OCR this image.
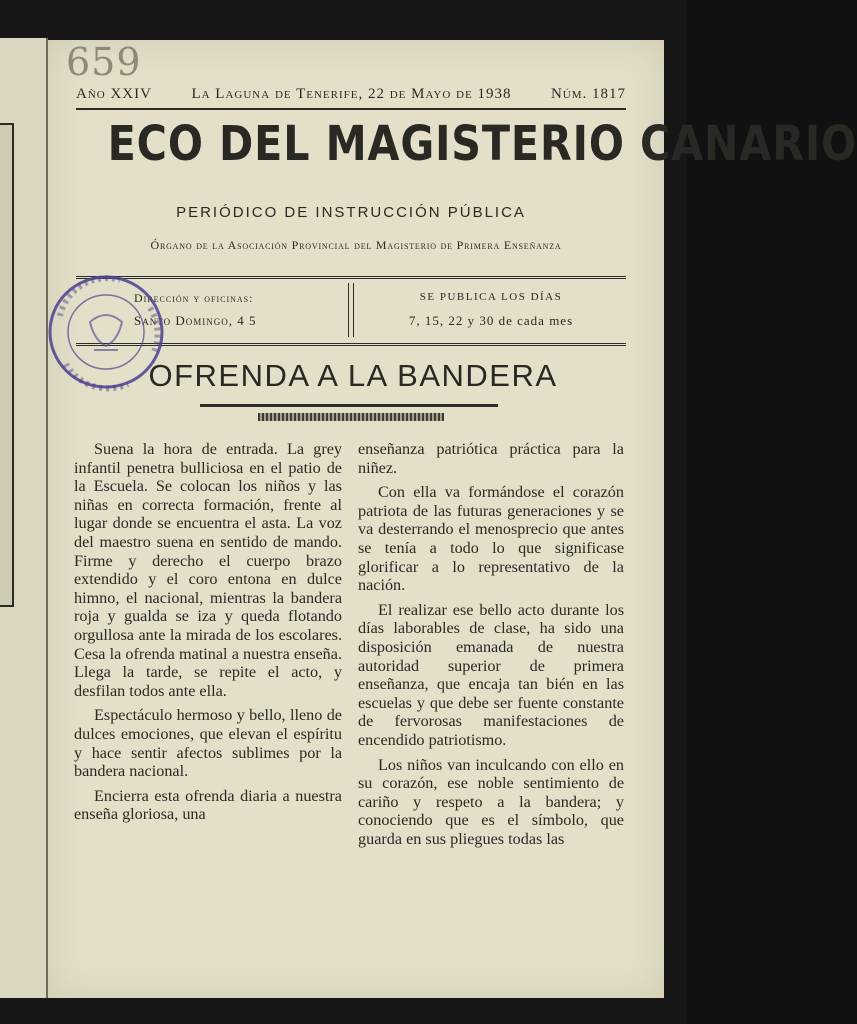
659
Año XXIV	La Laguna de Tenerife, 22 de Mayo de 1938	Núm. 1817
ECO DEL MAGISTERIO CANARIO
PERIÓDICO DE INSTRUCCIÓN PÚBLICA
Órgano de la Asociación Provincial del Magisterio de Primera Enseñanza
Dirección y oficinas:
Santo Domingo, 4 5
SE PUBLICA LOS DÍAS
7, 15, 22 y 30 de cada mes
OFRENDA A LA BANDERA

Suena la hora de entrada. La grey infantil penetra bulliciosa en el patio de la Escuela. Se colocan los niños y las niñas en correcta formación, frente al lugar donde se encuentra el asta. La voz del maestro suena en sentido de mando. Firme y derecho el cuerpo brazo extendido y el coro entona en dulce himno, el nacional, mientras la bandera roja y gualda se iza y queda flotando orgullosa ante la mirada de los escolares. Cesa la ofrenda matinal a nuestra enseña. Llega la tarde, se repite el acto, y desfilan todos ante ella.

Espectáculo hermoso y bello, lleno de dulces emociones, que elevan el espíritu y hace sentir afectos sublimes por la bandera nacional.

Encierra esta ofrenda diaria a nuestra enseña gloriosa, una

enseñanza patriótica práctica para la niñez.

Con ella va formándose el corazón patriota de las futuras generaciones y se va desterrando el menosprecio que antes se tenía a todo lo que significase glorificar a lo representativo de la nación.

El realizar ese bello acto durante los días laborables de clase, ha sido una disposición emanada de nuestra autoridad superior de primera enseñanza, que encaja tan bién en las escuelas y que debe ser fuente constante de fervorosas manifestaciones de encendido patriotismo.

Los niños van inculcando con ello en su corazón, ese noble sentimiento de cariño y respeto a la bandera; y conociendo que es el símbolo, que guarda en sus pliegues todas las
